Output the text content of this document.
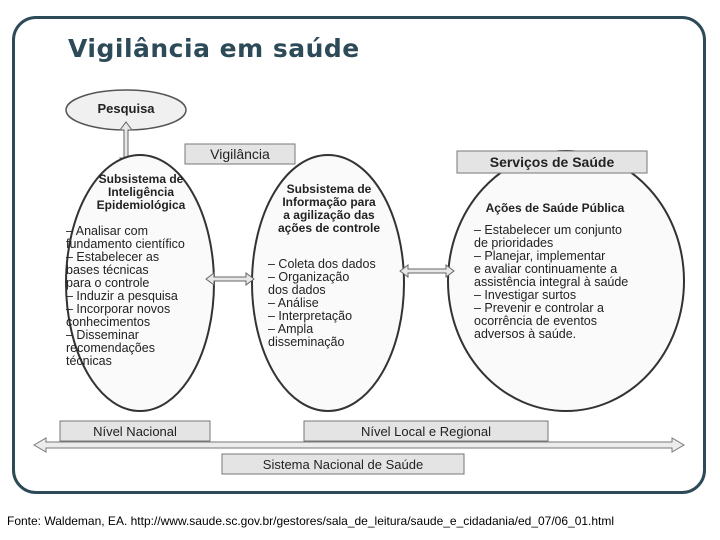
Vigilância em saúde
Pesquisa
Vigilância	Serviços de Saúde
Subsistema de
Inteligência
Epidemiológica
– Analisar com
fundamento científico
– Estabelecer as
bases técnicas
para o controle
– Induzir a pesquisa
– Incorporar novos
conhecimentos
– Disseminar
recomendações
técnicas
Subsistema de
Informação para
a agilização das
ações de controle
– Coleta dos dados
– Organização
dos dados
– Análise
– Interpretação
– Ampla
disseminação
Ações de Saúde Pública
– Estabelecer um conjunto
de prioridades
– Planejar, implementar
e avaliar continuamente a
assistência integral à saúde
– Investigar surtos
– Prevenir e controlar a
ocorrência de eventos
adversos à saúde.
Nível Nacional	Nível Local e Regional
Sistema Nacional de Saúde
Fonte: Waldeman, EA. http://www.saude.sc.gov.br/gestores/sala_de_leitura/saude_e_cidadania/ed_07/06_01.html
